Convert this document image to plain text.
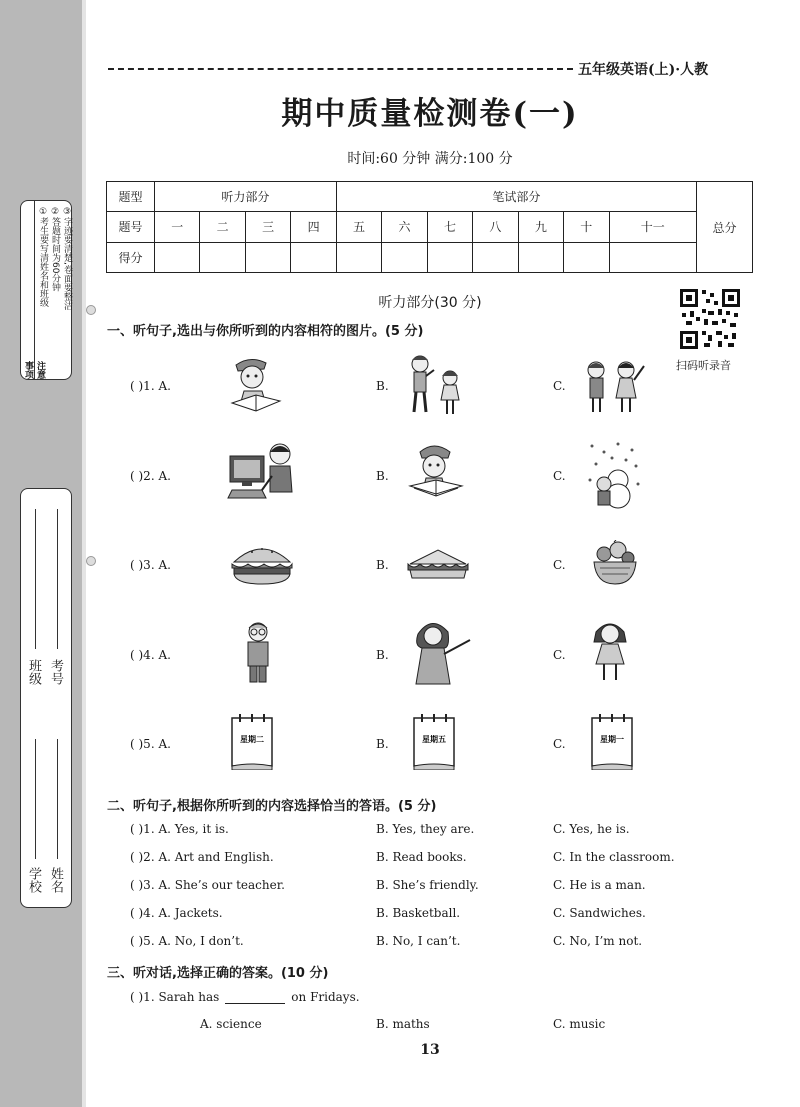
注意事项
①考生要写清姓名和班级 ②答题时间为60分钟 ③字迹要清楚,卷面要整洁
学校 姓名
班级 考号
五年级英语(上)·人教
期中质量检测卷(一)
时间:60 分钟 满分:100 分
题型	听力部分				笔试部分							总分
题号	一	二	三	四	五	六	七	八	九	十	十一	
得分												
听力部分(30 分)
扫码听录音
一、听句子,选出与你所听到的内容相符的图片。(5 分)
( )1. A.	B.	C.
( )2. A.	B.	C.
( )3. A.	B.	C.
( )4. A.	B.	C.
( )5. A.	星期二	B.	星期五	C.	星期一
二、听句子,根据你所听到的内容选择恰当的答语。(5 分)
( )1. A. Yes, it is.	B. Yes, they are.	C. Yes, he is.
( )2. A. Art and English.	B. Read books.	C. In the classroom.
( )3. A. She’s our teacher.	B. She’s friendly.	C. He is a man.
( )4. A. Jackets.	B. Basketball.	C. Sandwiches.
( )5. A. No, I don’t.	B. No, I can’t.	C. No, I’m not.
三、听对话,选择正确的答案。(10 分)
( )1. Sarah has	on Fridays.
A. science	B. maths	C. music
13
